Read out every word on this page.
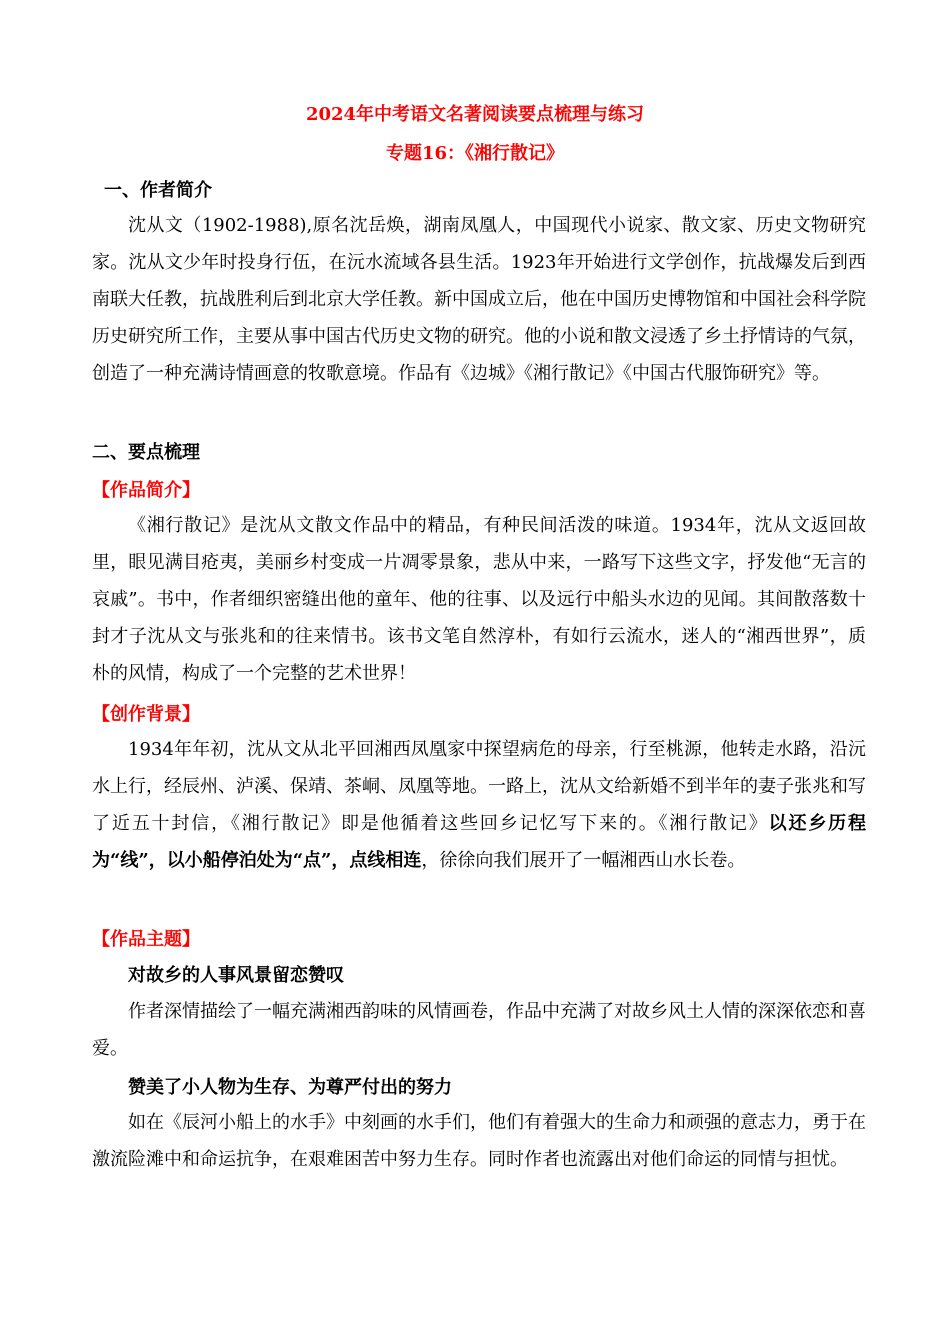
2024年中考语文名著阅读要点梳理与练习
专题16：《湘行散记》
一、作者简介

沈从文（1902-1988),原名沈岳焕，湖南凤凰人，中国现代小说家、散文家、历史文物研究家。沈从文少年时投身行伍，在沅水流域各县生活。1923年开始进行文学创作，抗战爆发后到西南联大任教，抗战胜利后到北京大学任教。新中国成立后，他在中国历史博物馆和中国社会科学院历史研究所工作，主要从事中国古代历史文物的研究。他的小说和散文浸透了乡土抒情诗的气氛，创造了一种充满诗情画意的牧歌意境。作品有《边城》《湘行散记》《中国古代服饰研究》等。

二、要点梳理
【作品简介】

《湘行散记》是沈从文散文作品中的精品，有种民间活泼的味道。1934年，沈从文返回故里，眼见满目疮夷，美丽乡村变成一片凋零景象，悲从中来，一路写下这些文字，抒发他“无言的哀戚”。书中，作者细织密缝出他的童年、他的往事、以及远行中船头水边的见闻。其间散落数十封才子沈从文与张兆和的往来情书。该书文笔自然淳朴，有如行云流水，迷人的“湘西世界”，质朴的风情，构成了一个完整的艺术世界！

【创作背景】

1934年年初，沈从文从北平回湘西凤凰家中探望病危的母亲，行至桃源，他转走水路，沿沅水上行，经辰州、泸溪、保靖、茶峒、凤凰等地。一路上，沈从文给新婚不到半年的妻子张兆和写了近五十封信，《湘行散记》即是他循着这些回乡记忆写下来的。《湘行散记》以还乡历程为“线”，以小船停泊处为“点”，点线相连，徐徐向我们展开了一幅湘西山水长卷。

【作品主题】
对故乡的人事风景留恋赞叹

作者深情描绘了一幅充满湘西韵味的风情画卷，作品中充满了对故乡风土人情的深深依恋和喜爱。

赞美了小人物为生存、为尊严付出的努力

如在《辰河小船上的水手》中刻画的水手们，他们有着强大的生命力和顽强的意志力，勇于在激流险滩中和命运抗争，在艰难困苦中努力生存。同时作者也流露出对他们命运的同情与担忧。
